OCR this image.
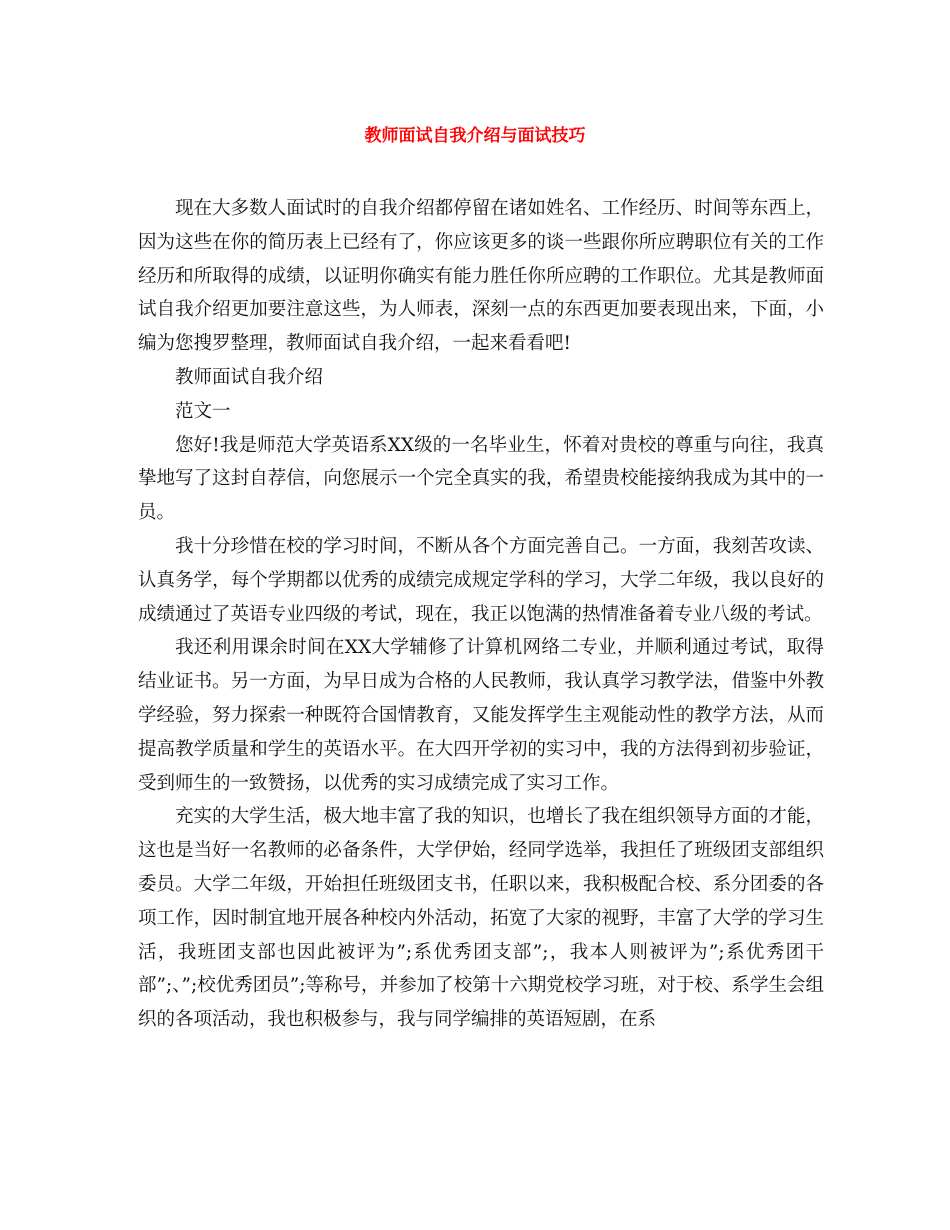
教师面试自我介绍与面试技巧

现在大多数人面试时的自我介绍都停留在诸如姓名、工作经历、时间等东西上，因为这些在你的简历表上已经有了，你应该更多的谈一些跟你所应聘职位有关的工作经历和所取得的成绩，以证明你确实有能力胜任你所应聘的工作职位。尤其是教师面试自我介绍更加要注意这些，为人师表，深刻一点的东西更加要表现出来，下面，小编为您搜罗整理，教师面试自我介绍，一起来看看吧!

教师面试自我介绍

范文一

您好!我是师范大学英语系XX级的一名毕业生，怀着对贵校的尊重与向往，我真挚地写了这封自荐信，向您展示一个完全真实的我，希望贵校能接纳我成为其中的一员。

我十分珍惜在校的学习时间，不断从各个方面完善自己。一方面，我刻苦攻读、认真务学，每个学期都以优秀的成绩完成规定学科的学习，大学二年级，我以良好的成绩通过了英语专业四级的考试，现在，我正以饱满的热情准备着专业八级的考试。

我还利用课余时间在XX大学辅修了计算机网络二专业，并顺利通过考试，取得结业证书。另一方面，为早日成为合格的人民教师，我认真学习教学法，借鉴中外教学经验，努力探索一种既符合国情教育，又能发挥学生主观能动性的教学方法，从而提高教学质量和学生的英语水平。在大四开学初的实习中，我的方法得到初步验证，受到师生的一致赞扬，以优秀的实习成绩完成了实习工作。

充实的大学生活，极大地丰富了我的知识，也增长了我在组织领导方面的才能，这也是当好一名教师的必备条件，大学伊始，经同学选举，我担任了班级团支部组织委员。大学二年级，开始担任班级团支书，任职以来，我积极配合校、系分团委的各项工作，因时制宜地开展各种校内外活动，拓宽了大家的视野，丰富了大学的学习生活，我班团支部也因此被评为”;系优秀团支部”;，我本人则被评为”;系优秀团干部”;、”;校优秀团员”;等称号，并参加了校第十六期党校学习班，对于校、系学生会组织的各项活动，我也积极参与，我与同学编排的英语短剧，在系
